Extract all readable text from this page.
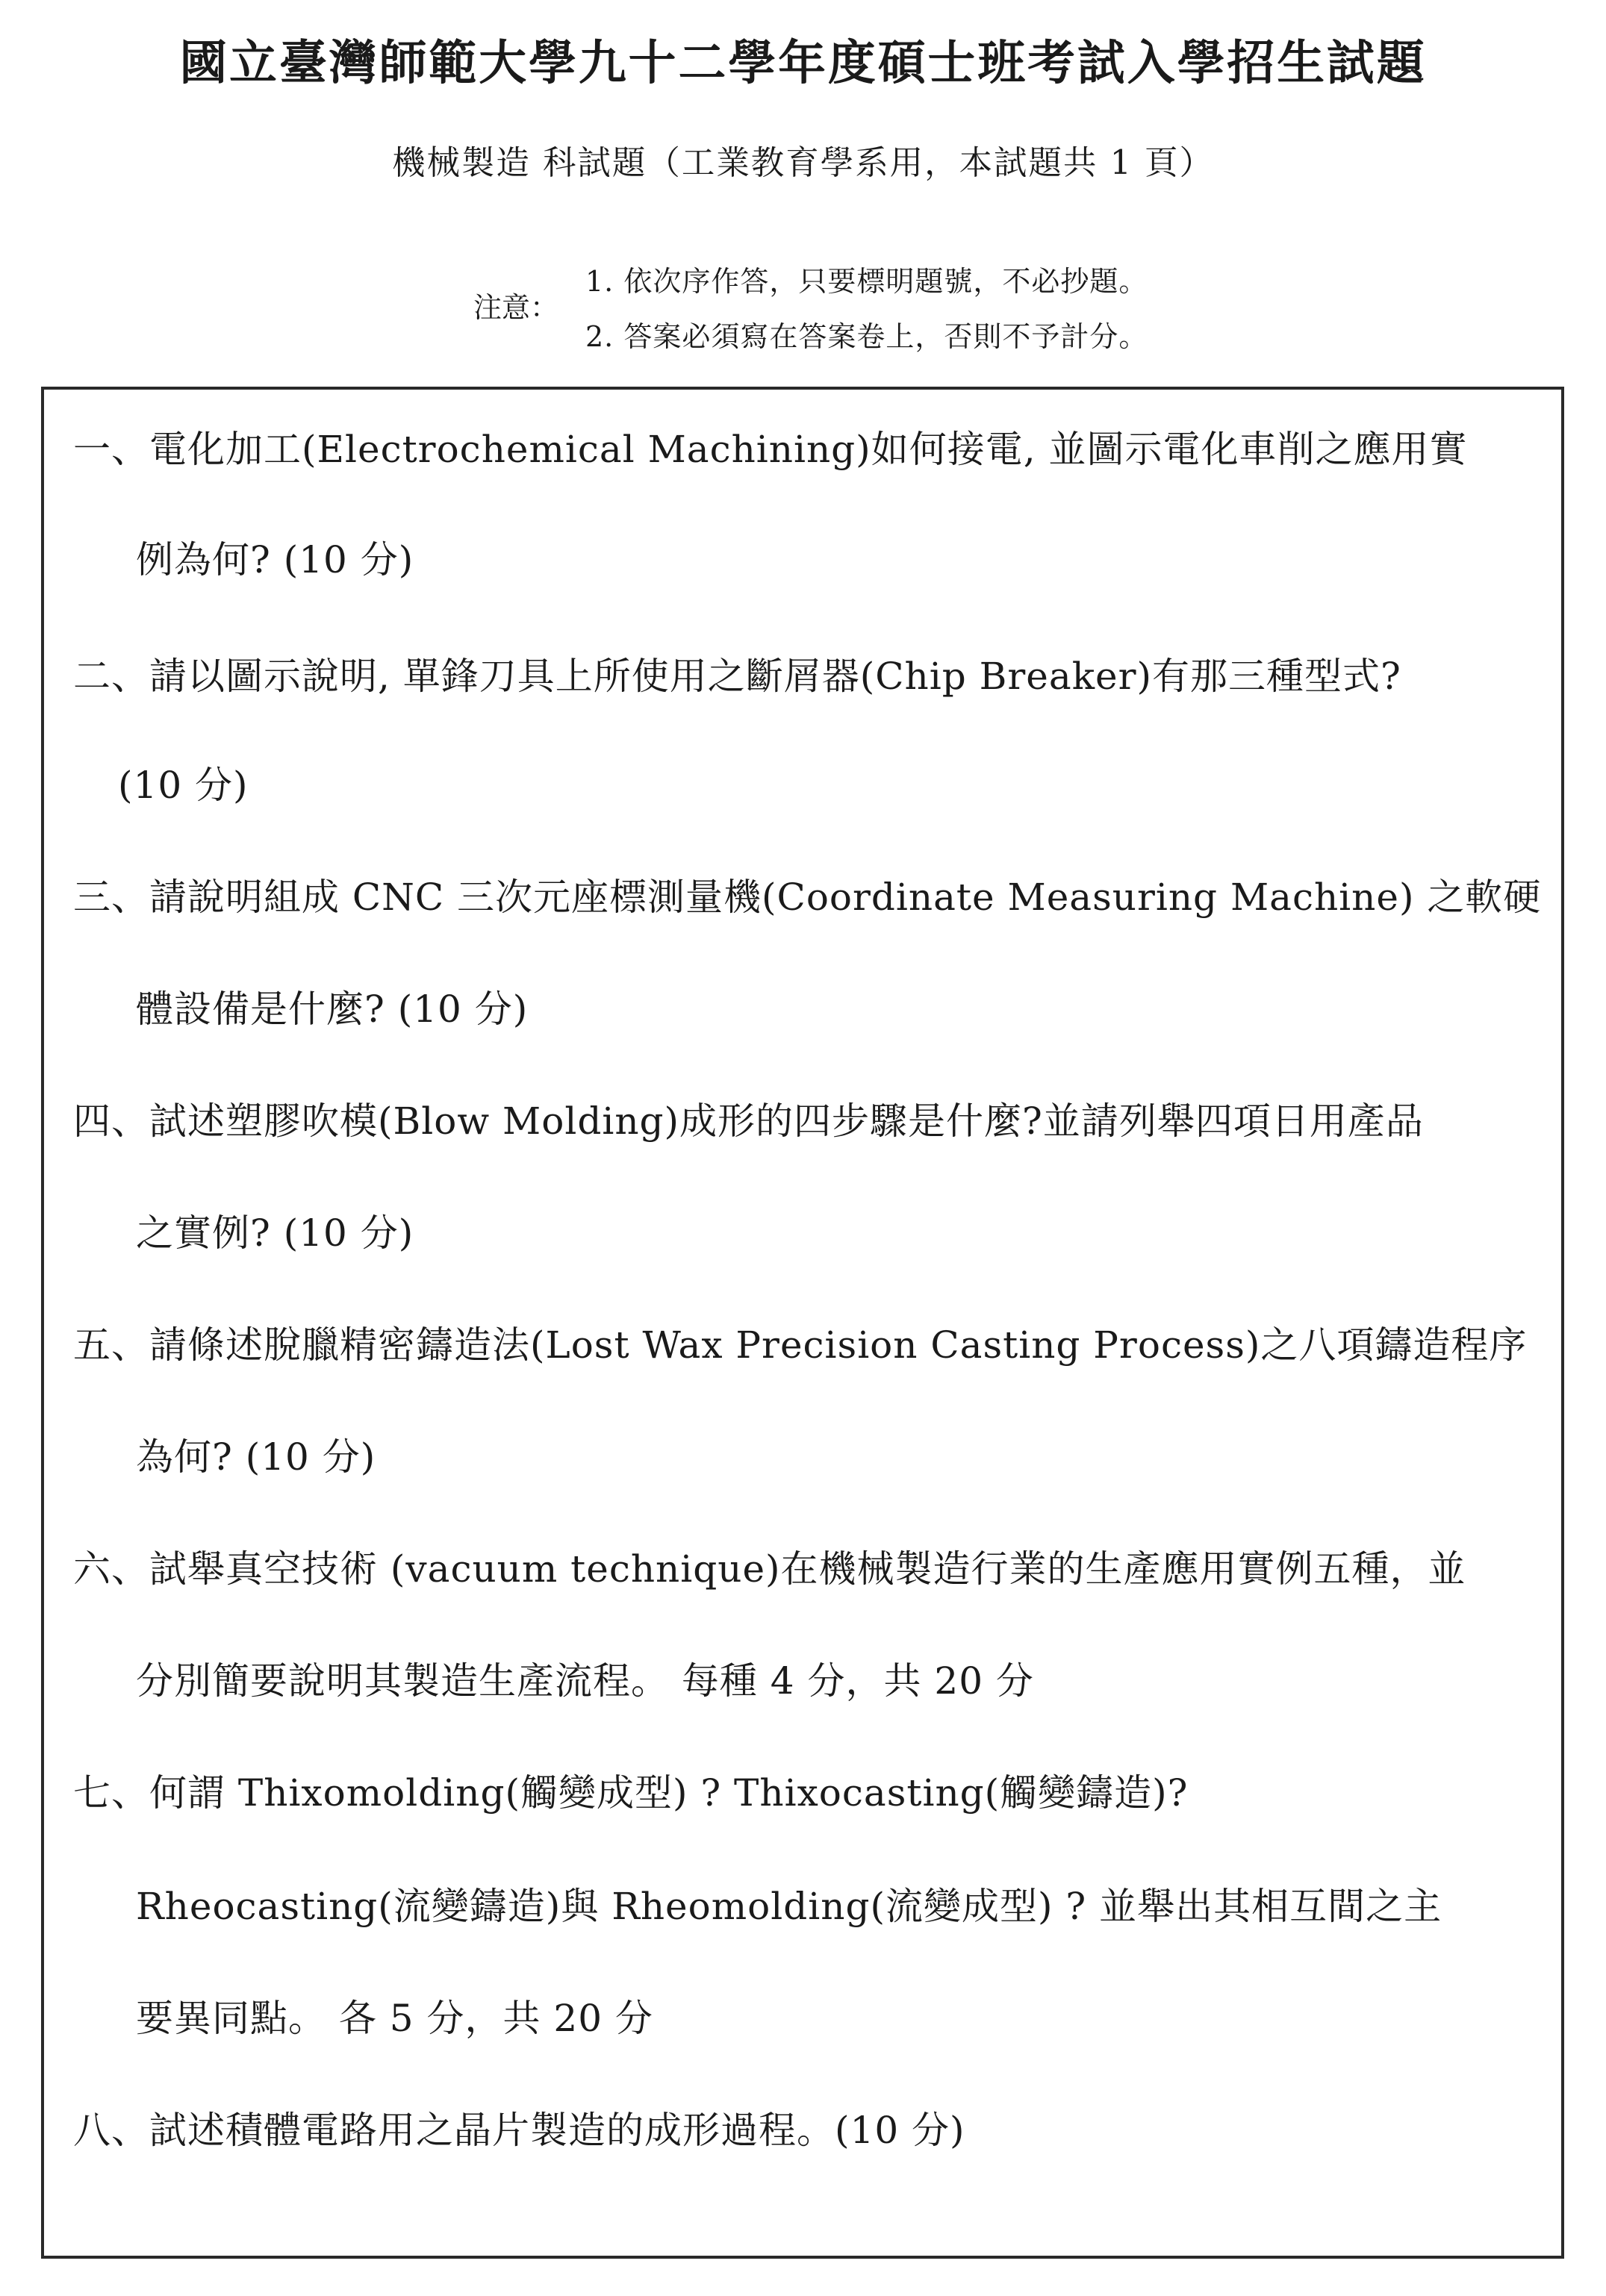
國立臺灣師範大學九十二學年度碩士班考試入學招生試題
機械製造 科試題（工業教育學系用，本試題共 1 頁）
注意：
1. 依次序作答，只要標明題號，不必抄題。
2. 答案必須寫在答案卷上，否則不予計分。
一、電化加工(Electrochemical Machining)如何接電, 並圖示電化車削之應用實
例為何? (10 分)
二、請以圖示說明, 單鋒刀具上所使用之斷屑器(Chip Breaker)有那三種型式?
(10 分)
三、請說明組成 CNC 三次元座標測量機(Coordinate Measuring Machine) 之軟硬
體設備是什麼? (10 分)
四、試述塑膠吹模(Blow Molding)成形的四步驟是什麼?並請列舉四項日用產品
之實例? (10 分)
五、請條述脫臘精密鑄造法(Lost Wax Precision Casting Process)之八項鑄造程序
為何? (10 分)
六、試舉真空技術 (vacuum technique)在機械製造行業的生產應用實例五種，並
分別簡要說明其製造生產流程。 每種 4 分，共 20 分
七、何謂 Thixomolding(觸變成型) ? Thixocasting(觸變鑄造)?
Rheocasting(流變鑄造)與 Rheomolding(流變成型) ? 並舉出其相互間之主
要異同點。 各 5 分，共 20 分
八、試述積體電路用之晶片製造的成形過程。(10 分)
